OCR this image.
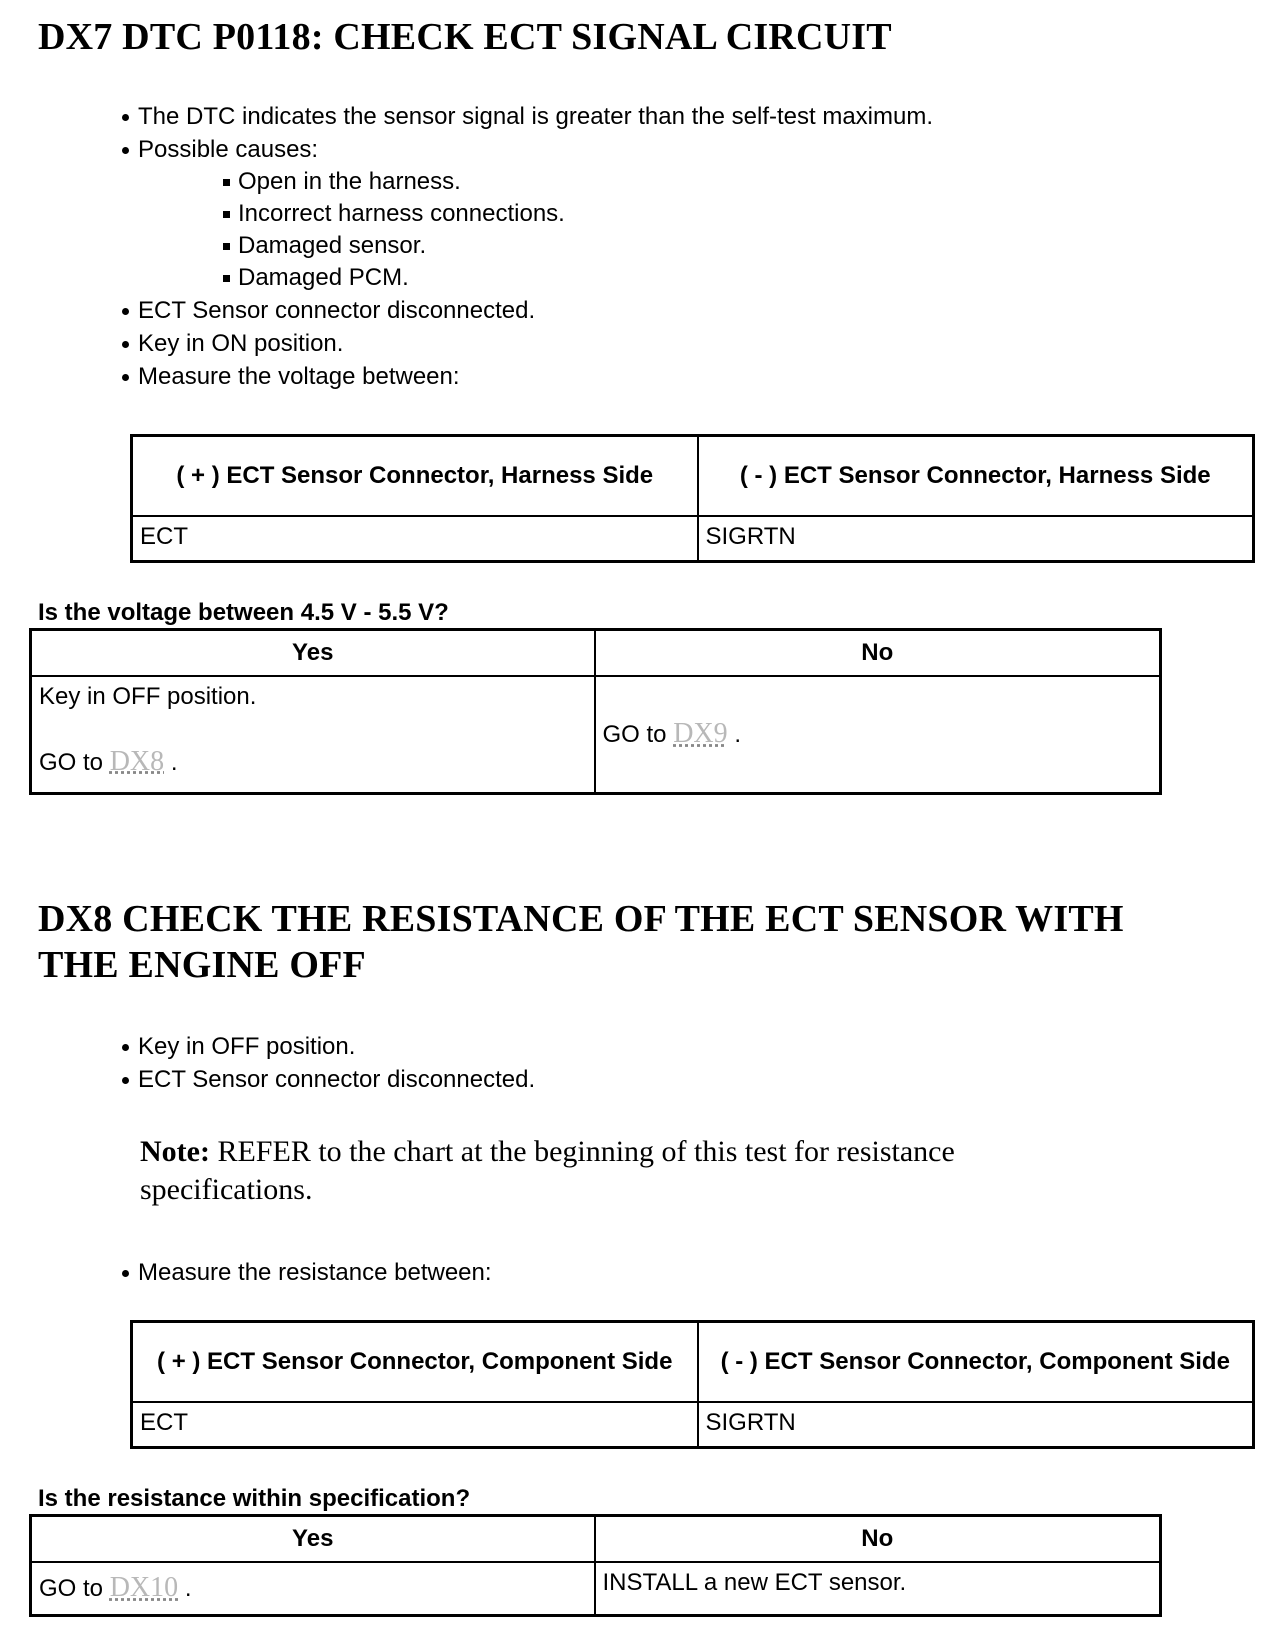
DX7 DTC P0118: CHECK ECT SIGNAL CIRCUIT
The DTC indicates the sensor signal is greater than the self-test maximum.
Possible causes:
Open in the harness.
Incorrect harness connections.
Damaged sensor.
Damaged PCM.
ECT Sensor connector disconnected.
Key in ON position.
Measure the voltage between:
( + ) ECT Sensor Connector, Harness Side	( - ) ECT Sensor Connector, Harness Side
ECT	SIGRTN

Is the voltage between 4.5 V - 5.5 V?

Yes	No

Key in OFF position.
GO to DX8 .	GO to DX9 .
DX8 CHECK THE RESISTANCE OF THE ECT SENSOR WITH
THE ENGINE OFF
Key in OFF position.
ECT Sensor connector disconnected.

Note: REFER to the chart at the beginning of this test for resistance specifications.

Measure the resistance between:
( + ) ECT Sensor Connector, Component Side	( - ) ECT Sensor Connector, Component Side
ECT	SIGRTN

Is the resistance within specification?

Yes	No
GO to DX10 .	INSTALL a new ECT sensor.
